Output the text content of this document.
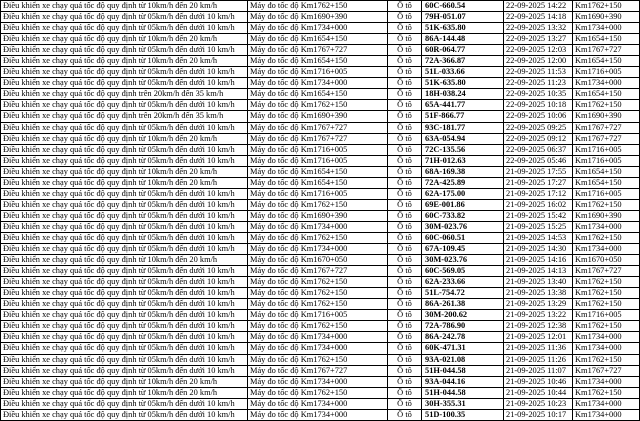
Điều khiển xe chạy quá tốc độ quy định từ 10km/h đến 20 km/h	Máy đo tốc độ Km1762+150	Ô tô	60C-660.54	22-09-2025 14:22	Km1762+150
Điều khiển xe chạy quá tốc độ quy định từ 05km/h đến dưới 10 km/h	Máy đo tốc độ Km1690+390	Ô tô	79H-051.07	22-09-2025 14:18	Km1690+390
Điều khiển xe chạy quá tốc độ quy định từ 05km/h đến dưới 10 km/h	Máy đo tốc độ Km1734+000	Ô tô	51K-635.80	22-09-2025 13:32	Km1734+000
Điều khiển xe chạy quá tốc độ quy định từ 10km/h đến 20 km/h	Máy đo tốc độ Km1654+150	Ô tô	86A-144.48	22-09-2025 13:27	Km1654+150
Điều khiển xe chạy quá tốc độ quy định từ 05km/h đến dưới 10 km/h	Máy đo tốc độ Km1767+727	Ô tô	60R-064.77	22-09-2025 12:03	Km1767+727
Điều khiển xe chạy quá tốc độ quy định từ 10km/h đến 20 km/h	Máy đo tốc độ Km1654+150	Ô tô	72A-366.87	22-09-2025 12:00	Km1654+150
Điều khiển xe chạy quá tốc độ quy định từ 05km/h đến dưới 10 km/h	Máy đo tốc độ Km1716+005	Ô tô	51L-033.66	22-09-2025 11:53	Km1716+005
Điều khiển xe chạy quá tốc độ quy định từ 05km/h đến dưới 10 km/h	Máy đo tốc độ Km1734+000	Ô tô	51K-635.80	22-09-2025 11:23	Km1734+000
Điều khiển xe chạy quá tốc độ quy định trên 20km/h đến 35 km/h	Máy đo tốc độ Km1654+150	Ô tô	18H-038.24	22-09-2025 10:35	Km1654+150
Điều khiển xe chạy quá tốc độ quy định từ 05km/h đến dưới 10 km/h	Máy đo tốc độ Km1762+150	Ô tô	65A-441.77	22-09-2025 10:18	Km1762+150
Điều khiển xe chạy quá tốc độ quy định trên 20km/h đến 35 km/h	Máy đo tốc độ Km1690+390	Ô tô	51F-866.77	22-09-2025 10:06	Km1690+390
Điều khiển xe chạy quá tốc độ quy định từ 05km/h đến dưới 10 km/h	Máy đo tốc độ Km1767+727	Ô tô	93C-181.77	22-09-2025 09:25	Km1767+727
Điều khiển xe chạy quá tốc độ quy định từ 10km/h đến 20 km/h	Máy đo tốc độ Km1767+727	Ô tô	63A-054.94	22-09-2025 09:12	Km1767+727
Điều khiển xe chạy quá tốc độ quy định từ 05km/h đến dưới 10 km/h	Máy đo tốc độ Km1716+005	Ô tô	72C-135.56	22-09-2025 06:37	Km1716+005
Điều khiển xe chạy quá tốc độ quy định từ 05km/h đến dưới 10 km/h	Máy đo tốc độ Km1716+005	Ô tô	71H-012.63	22-09-2025 05:46	Km1716+005
Điều khiển xe chạy quá tốc độ quy định từ 10km/h đến 20 km/h	Máy đo tốc độ Km1654+150	Ô tô	68A-169.38	21-09-2025 17:55	Km1654+150
Điều khiển xe chạy quá tốc độ quy định từ 10km/h đến 20 km/h	Máy đo tốc độ Km1654+150	Ô tô	72A-425.89	21-09-2025 17:27	Km1654+150
Điều khiển xe chạy quá tốc độ quy định từ 05km/h đến dưới 10 km/h	Máy đo tốc độ Km1716+005	Ô tô	62A-175.00	21-09-2025 17:12	Km1716+005
Điều khiển xe chạy quá tốc độ quy định từ 05km/h đến dưới 10 km/h	Máy đo tốc độ Km1762+150	Ô tô	69E-001.86	21-09-2025 16:02	Km1762+150
Điều khiển xe chạy quá tốc độ quy định từ 05km/h đến dưới 10 km/h	Máy đo tốc độ Km1690+390	Ô tô	60C-733.82	21-09-2025 15:42	Km1690+390
Điều khiển xe chạy quá tốc độ quy định từ 05km/h đến dưới 10 km/h	Máy đo tốc độ Km1734+000	Ô tô	30M-023.76	21-09-2025 15:25	Km1734+000
Điều khiển xe chạy quá tốc độ quy định từ 05km/h đến dưới 10 km/h	Máy đo tốc độ Km1762+150	Ô tô	60C-060.51	21-09-2025 14:53	Km1762+150
Điều khiển xe chạy quá tốc độ quy định từ 05km/h đến dưới 10 km/h	Máy đo tốc độ Km1734+000	Ô tô	67A-109.45	21-09-2025 14:30	Km1734+000
Điều khiển xe chạy quá tốc độ quy định từ 10km/h đến 20 km/h	Máy đo tốc độ Km1670+050	Ô tô	30M-023.76	21-09-2025 14:16	Km1670+050
Điều khiển xe chạy quá tốc độ quy định từ 05km/h đến dưới 10 km/h	Máy đo tốc độ Km1767+727	Ô tô	60C-569.05	21-09-2025 14:13	Km1767+727
Điều khiển xe chạy quá tốc độ quy định từ 05km/h đến dưới 10 km/h	Máy đo tốc độ Km1762+150	Ô tô	62A-233.66	21-09-2025 13:40	Km1762+150
Điều khiển xe chạy quá tốc độ quy định từ 05km/h đến dưới 10 km/h	Máy đo tốc độ Km1762+150	Ô tô	51L-754.72	21-09-2025 13:38	Km1762+150
Điều khiển xe chạy quá tốc độ quy định từ 05km/h đến dưới 10 km/h	Máy đo tốc độ Km1762+150	Ô tô	86A-261.38	21-09-2025 13:29	Km1762+150
Điều khiển xe chạy quá tốc độ quy định từ 05km/h đến dưới 10 km/h	Máy đo tốc độ Km1716+005	Ô tô	30M-200.62	21-09-2025 13:22	Km1716+005
Điều khiển xe chạy quá tốc độ quy định từ 05km/h đến dưới 10 km/h	Máy đo tốc độ Km1762+150	Ô tô	72A-786.90	21-09-2025 12:38	Km1762+150
Điều khiển xe chạy quá tốc độ quy định từ 05km/h đến dưới 10 km/h	Máy đo tốc độ Km1734+000	Ô tô	86A-242.78	21-09-2025 12:01	Km1734+000
Điều khiển xe chạy quá tốc độ quy định từ 05km/h đến dưới 10 km/h	Máy đo tốc độ Km1734+000	Ô tô	60K-471.31	21-09-2025 11:36	Km1734+000
Điều khiển xe chạy quá tốc độ quy định từ 05km/h đến dưới 10 km/h	Máy đo tốc độ Km1762+150	Ô tô	93A-021.08	21-09-2025 11:26	Km1762+150
Điều khiển xe chạy quá tốc độ quy định từ 05km/h đến dưới 10 km/h	Máy đo tốc độ Km1767+727	Ô tô	51H-044.58	21-09-2025 11:07	Km1767+727
Điều khiển xe chạy quá tốc độ quy định từ 10km/h đến 20 km/h	Máy đo tốc độ Km1734+000	Ô tô	93A-044.16	21-09-2025 10:46	Km1734+000
Điều khiển xe chạy quá tốc độ quy định từ 10km/h đến 20 km/h	Máy đo tốc độ Km1762+150	Ô tô	51H-044.58	21-09-2025 10:44	Km1762+150
Điều khiển xe chạy quá tốc độ quy định từ 05km/h đến dưới 10 km/h	Máy đo tốc độ Km1734+000	Ô tô	30H-355.31	21-09-2025 10:23	Km1734+000
Điều khiển xe chạy quá tốc độ quy định từ 05km/h đến dưới 10 km/h	Máy đo tốc độ Km1734+000	Ô tô	51D-100.35	21-09-2025 10:17	Km1734+000
